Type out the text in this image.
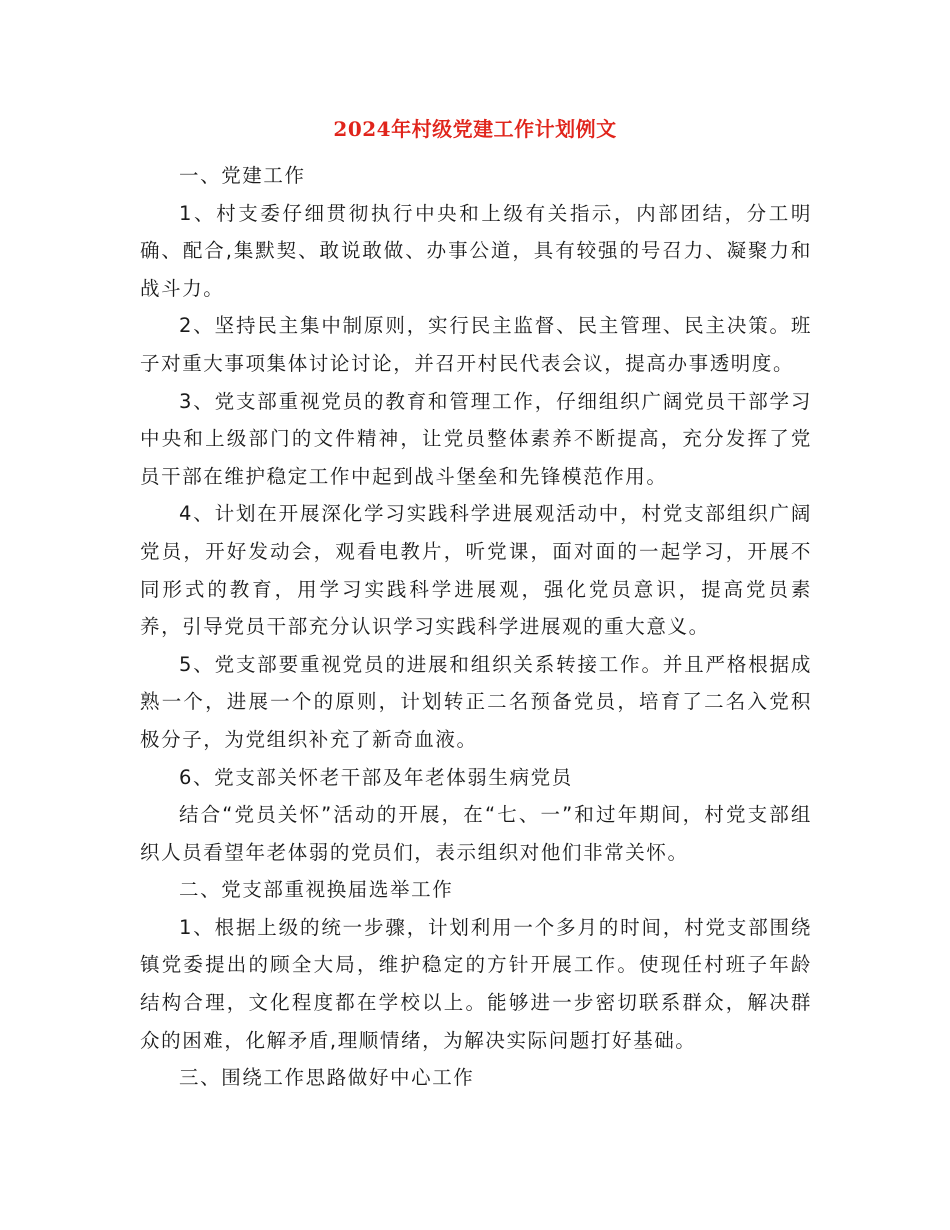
2024年村级党建工作计划例文

一、党建工作

1、村支委仔细贯彻执行中央和上级有关指示，内部团结，分工明确、配合,集默契、敢说敢做、办事公道，具有较强的号召力、凝聚力和战斗力。

2、坚持民主集中制原则，实行民主监督、民主管理、民主决策。班子对重大事项集体讨论讨论，并召开村民代表会议，提高办事透明度。

3、党支部重视党员的教育和管理工作，仔细组织广阔党员干部学习中央和上级部门的文件精神，让党员整体素养不断提高，充分发挥了党员干部在维护稳定工作中起到战斗堡垒和先锋模范作用。

4、计划在开展深化学习实践科学进展观活动中，村党支部组织广阔党员，开好发动会，观看电教片，听党课，面对面的一起学习，开展不同形式的教育，用学习实践科学进展观，强化党员意识，提高党员素养，引导党员干部充分认识学习实践科学进展观的重大意义。

5、党支部要重视党员的进展和组织关系转接工作。并且严格根据成熟一个，进展一个的原则，计划转正二名预备党员，培育了二名入党积极分子，为党组织补充了新奇血液。

6、党支部关怀老干部及年老体弱生病党员

结合“党员关怀”活动的开展，在“七、一”和过年期间，村党支部组织人员看望年老体弱的党员们，表示组织对他们非常关怀。

二、党支部重视换届选举工作

1、根据上级的统一步骤，计划利用一个多月的时间，村党支部围绕镇党委提出的顾全大局，维护稳定的方针开展工作。使现任村班子年龄结构合理，文化程度都在学校以上。能够进一步密切联系群众，解决群众的困难，化解矛盾,理顺情绪，为解决实际问题打好基础。

三、围绕工作思路做好中心工作
